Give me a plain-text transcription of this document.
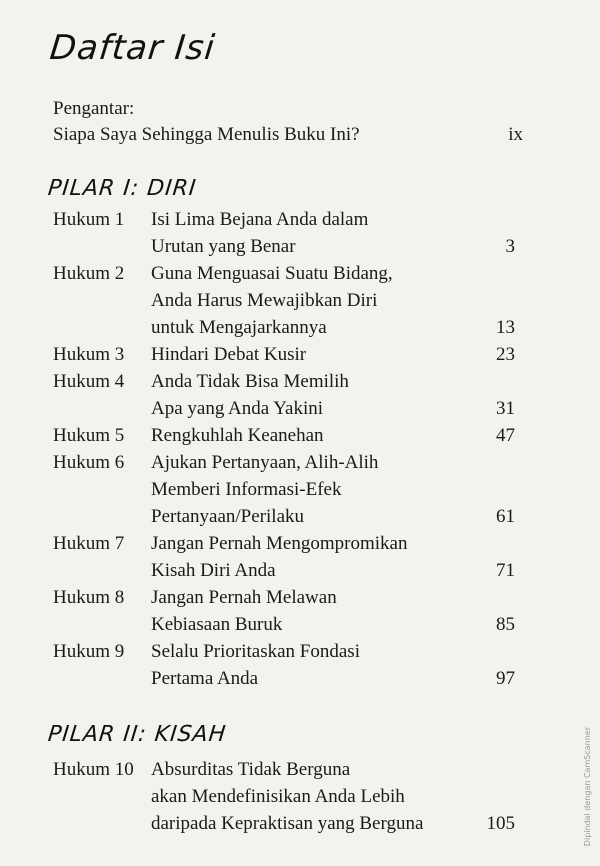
Daftar Isi
Pengantar:
Siapa Saya Sehingga Menulis Buku Ini?	ix
PILAR I: DIRI
Hukum 1 Isi Lima Bejana Anda dalam
Urutan yang Benar	3
Hukum 2 Guna Menguasai Suatu Bidang,
Anda Harus Mewajibkan Diri
untuk Mengajarkannya	13
Hukum 3 Hindari Debat Kusir	23
Hukum 4 Anda Tidak Bisa Memilih
Apa yang Anda Yakini	31
Hukum 5 Rengkuhlah Keanehan	47
Hukum 6 Ajukan Pertanyaan, Alih-Alih
Memberi Informasi-Efek
Pertanyaan/Perilaku	61
Hukum 7 Jangan Pernah Mengompromikan
Kisah Diri Anda	71
Hukum 8 Jangan Pernah Melawan
Kebiasaan Buruk	85
Hukum 9 Selalu Prioritaskan Fondasi
Pertama Anda	97
PILAR II: KISAH
Hukum 10 Absurditas Tidak Berguna
akan Mendefinisikan Anda Lebih
daripada Kepraktisan yang Berguna	105	Dipindai dengan CamScanner
